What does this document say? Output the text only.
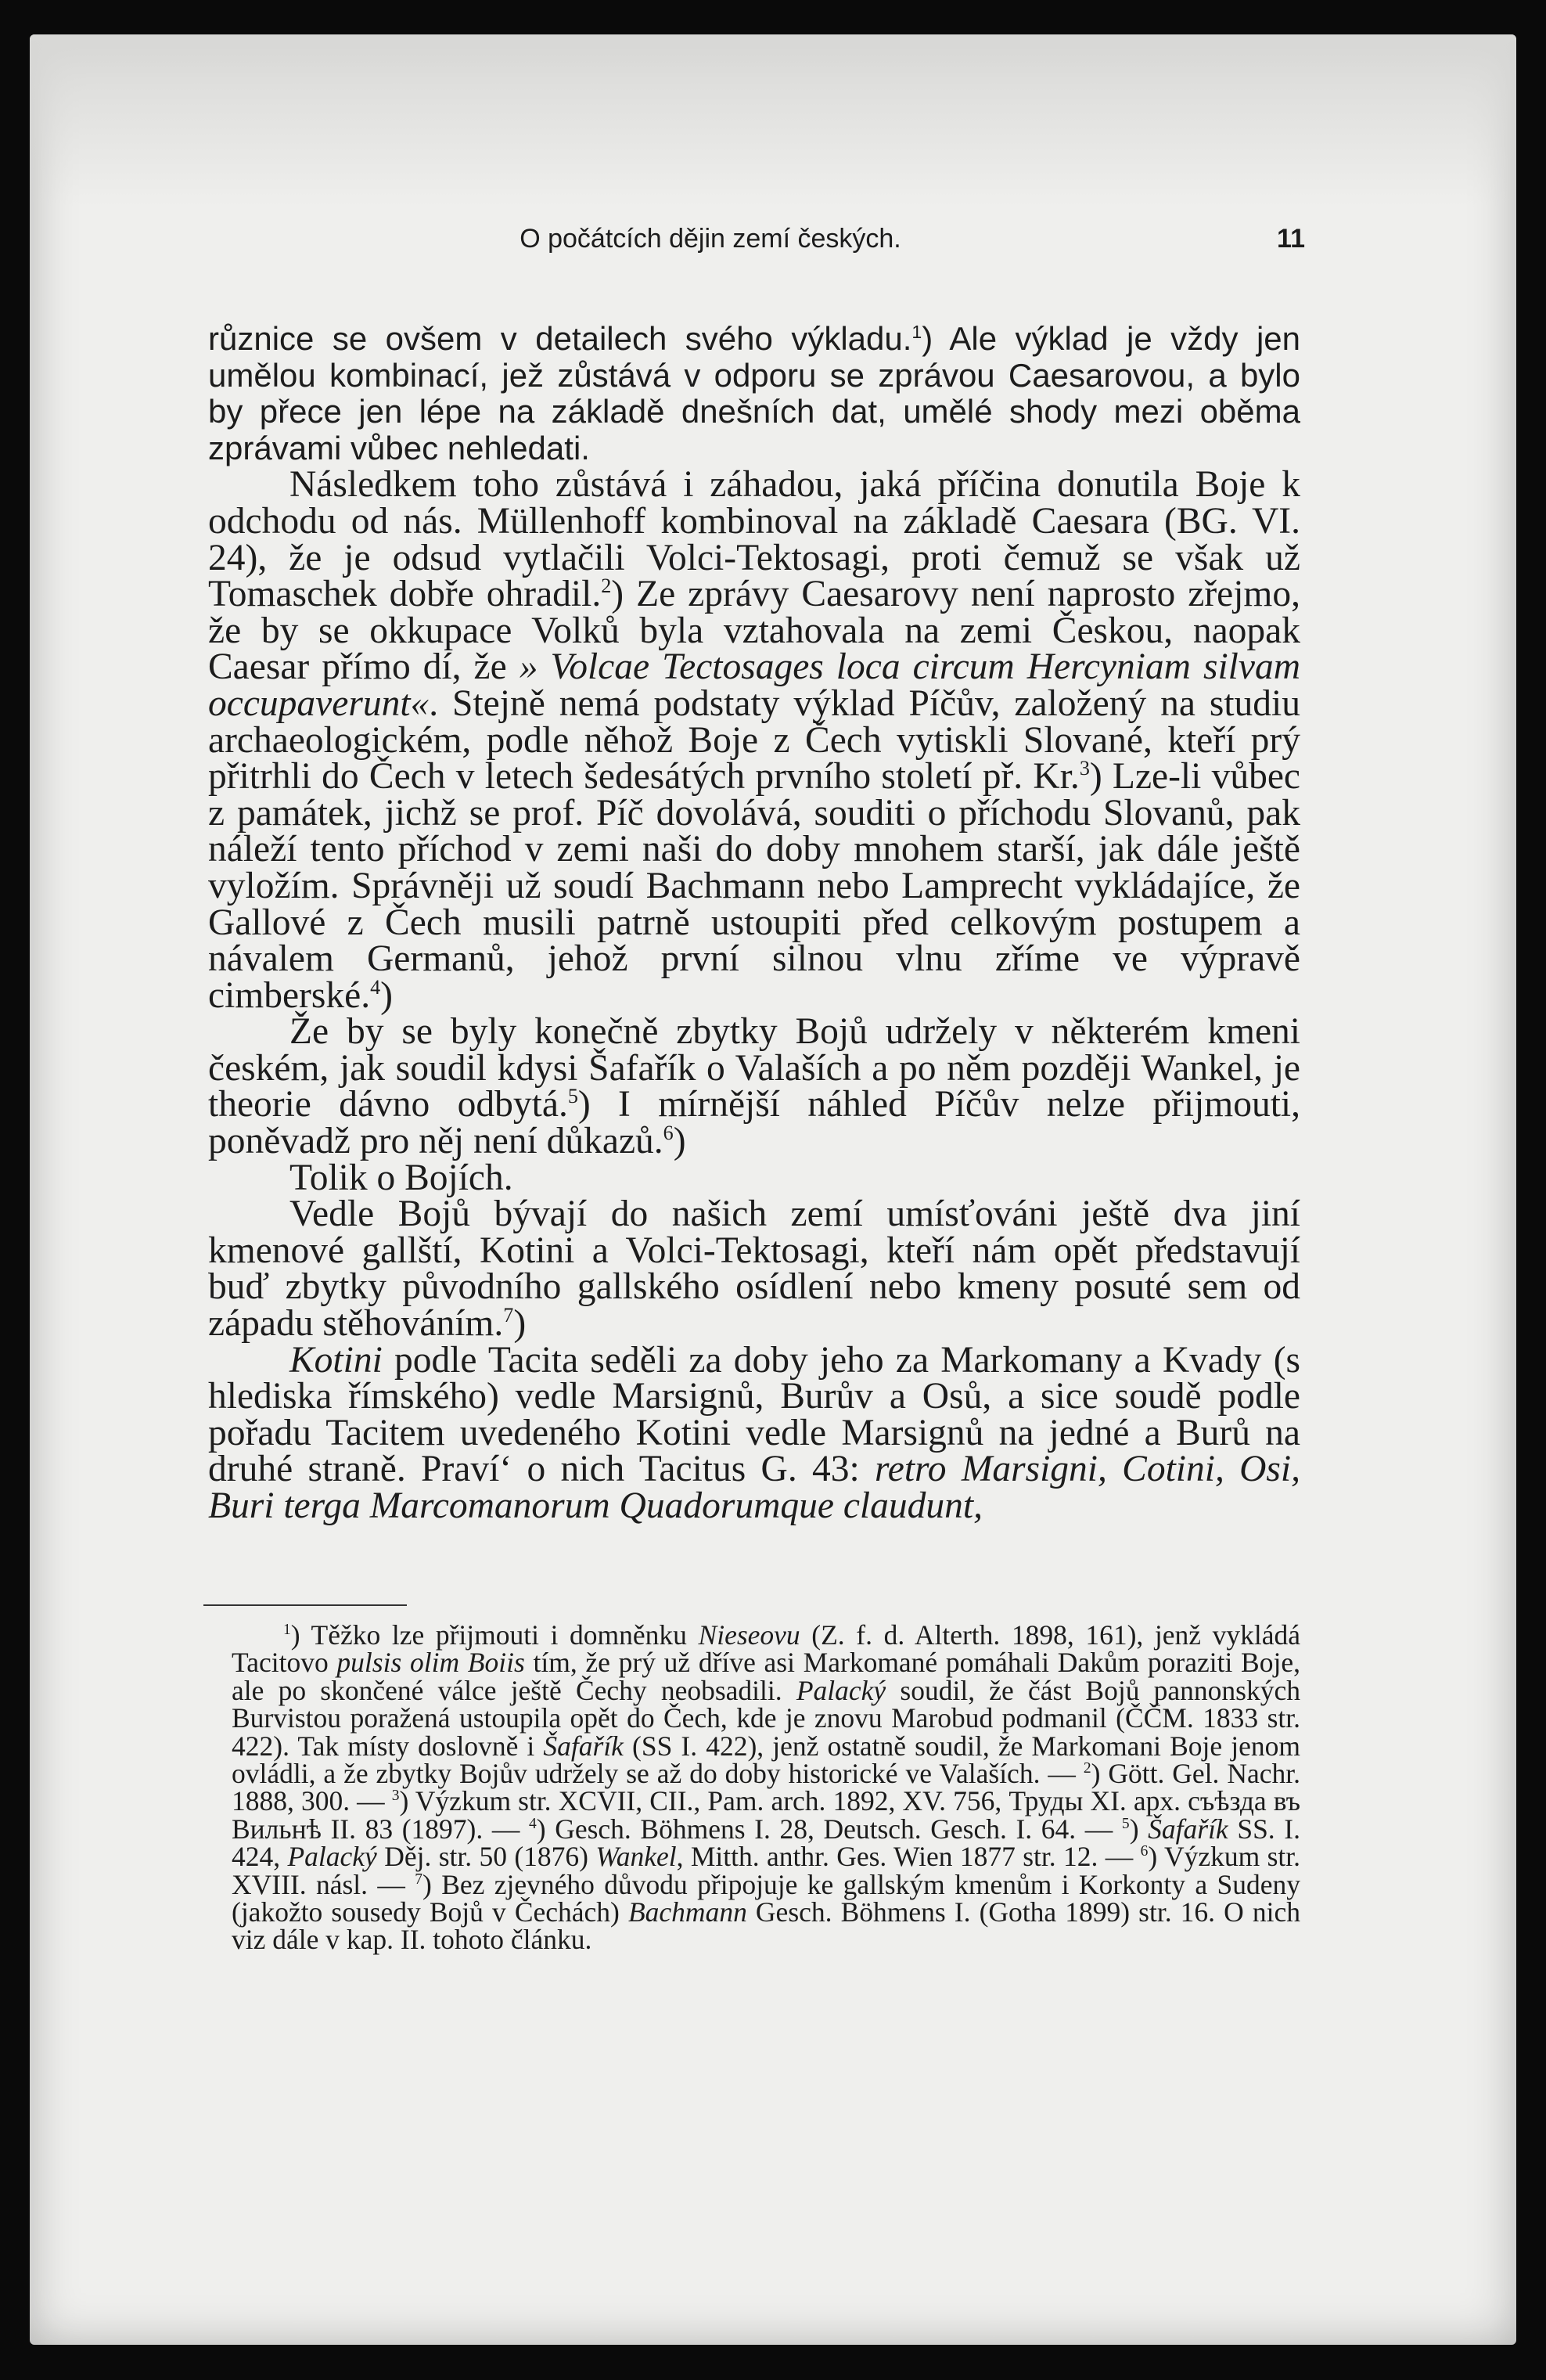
O počátcích dějin zemí českých.	11

různice se ovšem v detailech svého výkladu.$^1$) Ale výklad je vždy jen umělou kombinací, jež zůstává v odporu se zprávou Caesarovou, a bylo by přece jen lépe na základě dnešních dat, umělé shody mezi oběma zprávami vůbec nehledati.

Následkem toho zůstává i záhadou, jaká příčina donutila Boje k odchodu od nás. Müllenhoff kombinoval na základě Caesara (BG. VI. 24), že je odsud vytlačili Volci-Tektosagi, proti čemuž se však už Tomaschek dobře ohradil.$^2$) Ze zprávy Caesarovy není naprosto zřejmo, že by se okkupace Volků byla vztahovala na zemi Českou, naopak Caesar přímo dí, že » Volcae Tectosages loca circum Hercyniam silvam occupaverunt«. Stejně nemá podstaty výklad Píčův, založený na studiu archaeologickém, podle něhož Boje z Čech vytiskli Slované, kteří prý přitrhli do Čech v letech šedesátých prvního století př. Kr.$^3$) Lze-li vůbec z památek, jichž se prof. Píč dovolává, souditi o příchodu Slovanů, pak náleží tento příchod v zemi naši do doby mnohem starší, jak dále ještě vyložím. Správněji už soudí Bachmann nebo Lamprecht vykládajíce, že Gallové z Čech musili patrně ustoupiti před celkovým postupem a návalem Germanů, jehož první silnou vlnu zříme ve výpravě cimberské.$^4$)

Že by se byly konečně zbytky Bojů udržely v některém kmeni českém, jak soudil kdysi Šafařík o Valaších a po něm později Wankel, je theorie dávno odbytá.$^5$) I mírnější náhled Píčův nelze přijmouti, poněvadž pro něj není důkazů.$^6$)

Tolik o Bojích.

Vedle Bojů bývají do našich zemí umísťováni ještě dva jiní kmenové gallští, Kotini a Volci-Tektosagi, kteří nám opět představují buď zbytky původního gallského osídlení nebo kmeny posuté sem od západu stěhováním.$^7$)

Kotini podle Tacita seděli za doby jeho za Markomany a Kvady (s hlediska římského) vedle Marsignů, Burův a Osů, a sice soudě podle pořadu Tacitem uvedeného Kotini vedle Marsignů na jedné a Burů na druhé straně. Praví‘ o nich Tacitus G. 43: retro Marsigni, Cotini, Osi, Buri terga Marcomanorum Quadorumque claudunt,

$^1$) Těžko lze přijmouti i domněnku Nieseovu (Z. f. d. Alterth. 1898, 161), jenž vykládá Tacitovo pulsis olim Boiis tím, že prý už dříve asi Markomané pomáhali Dakům poraziti Boje, ale po skončené válce ještě Čechy neobsadili. Palacký soudil, že část Bojů pannonských Burvistou poražená ustoupila opět do Čech, kde je znovu Marobud podmanil (ČČM. 1833 str. 422). Tak místy doslovně i Šafařík (SS I. 422), jenž ostatně soudil, že Markomani Boje jenom ovládli, a že zbytky Bojův udržely se až do doby historické ve Valaších. — $^2$) Gött. Gel. Nachr. 1888, 300. — $^3$) Výzkum str. XCVII, CII., Pam. arch. 1892, XV. 756, Труды XI. арх. съѣзда въ Вильнѣ II. 83 (1897). — $^4$) Gesch. Böhmens I. 28, Deutsch. Gesch. I. 64. — $^5$) Šafařík SS. I. 424, Palacký Děj. str. 50 (1876) Wankel, Mitth. anthr. Ges. Wien 1877 str. 12. — $^6$) Výzkum str. XVIII. násl. — $^7$) Bez zjevného důvodu připojuje ke gallským kmenům i Korkonty a Sudeny (jakožto sousedy Bojů v Čechách) Bachmann Gesch. Böhmens I. (Gotha 1899) str. 16. O nich viz dále v kap. II. tohoto článku.
